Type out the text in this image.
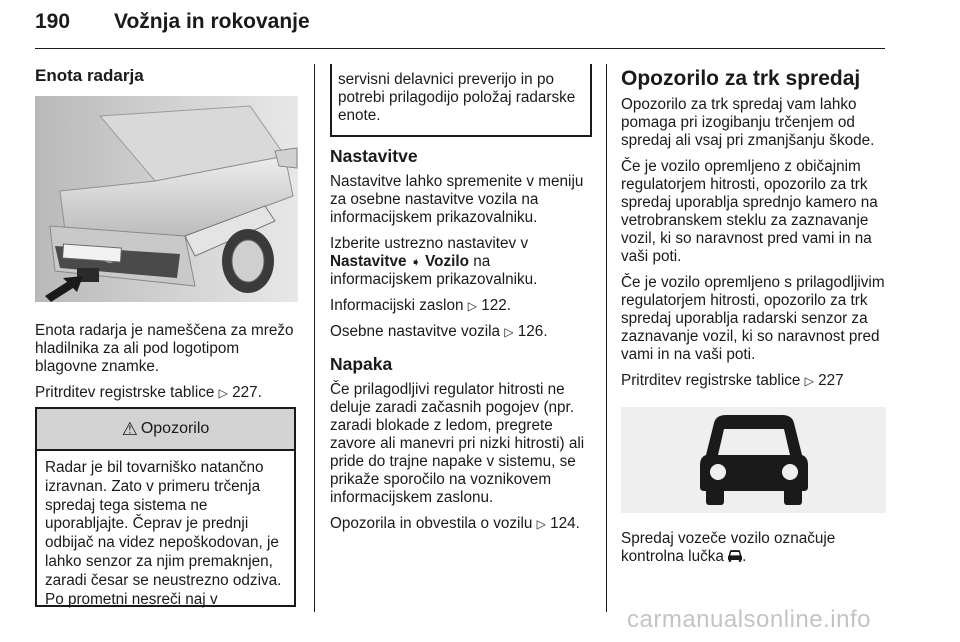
190 Vožnja in rokovanje
Enota radarja

Enota radarja je nameščena za mrežo hladilnika za ali pod logotipom blagovne znamke.

Pritrditev registrske tablice ▷ 227.

⚠ Opozorilo
Radar je bil tovarniško natančno izravnan. Zato v primeru trčenja spredaj tega sistema ne uporabljajte. Čeprav je prednji odbijač na videz nepoškodovan, je lahko senzor za njim premaknjen, zaradi česar se neustrezno odziva. Po prometni nesreči naj v
servisni delavnici preverijo in po potrebi prilagodijo položaj radarske enote.
Nastavitve

Nastavitve lahko spremenite v meniju za osebne nastavitve vozila na informacijskem prikazovalniku.

Izberite ustrezno nastavitev v
Nastavitve ➧ Vozilo na informacijskem prikazovalniku.

Informacijski zaslon ▷ 122.

Osebne nastavitve vozila ▷ 126.

Napaka

Če prilagodljivi regulator hitrosti ne deluje zaradi začasnih pogojev (npr. zaradi blokade z ledom, pregrete zavore ali manevri pri nizki hitrosti) ali pride do trajne napake v sistemu, se prikaže sporočilo na voznikovem informacijskem zaslonu.

Opozorila in obvestila o vozilu ▷ 124.

Opozorilo za trk spredaj

Opozorilo za trk spredaj vam lahko pomaga pri izogibanju trčenjem od spredaj ali vsaj pri zmanjšanju škode.

Če je vozilo opremljeno z običajnim regulatorjem hitrosti, opozorilo za trk spredaj uporablja sprednjo kamero na vetrobranskem steklu za zaznavanje vozil, ki so naravnost pred vami in na vaši poti.

Če je vozilo opremljeno s prilagodljivim regulatorjem hitrosti, opozorilo za trk spredaj uporablja radarski senzor za zaznavanje vozil, ki so naravnost pred vami in na vaši poti.

Pritrditev registrske tablice ▷ 227

Spredaj vozeče vozilo označuje kontrolna lučka .

carmanualsonline.info
